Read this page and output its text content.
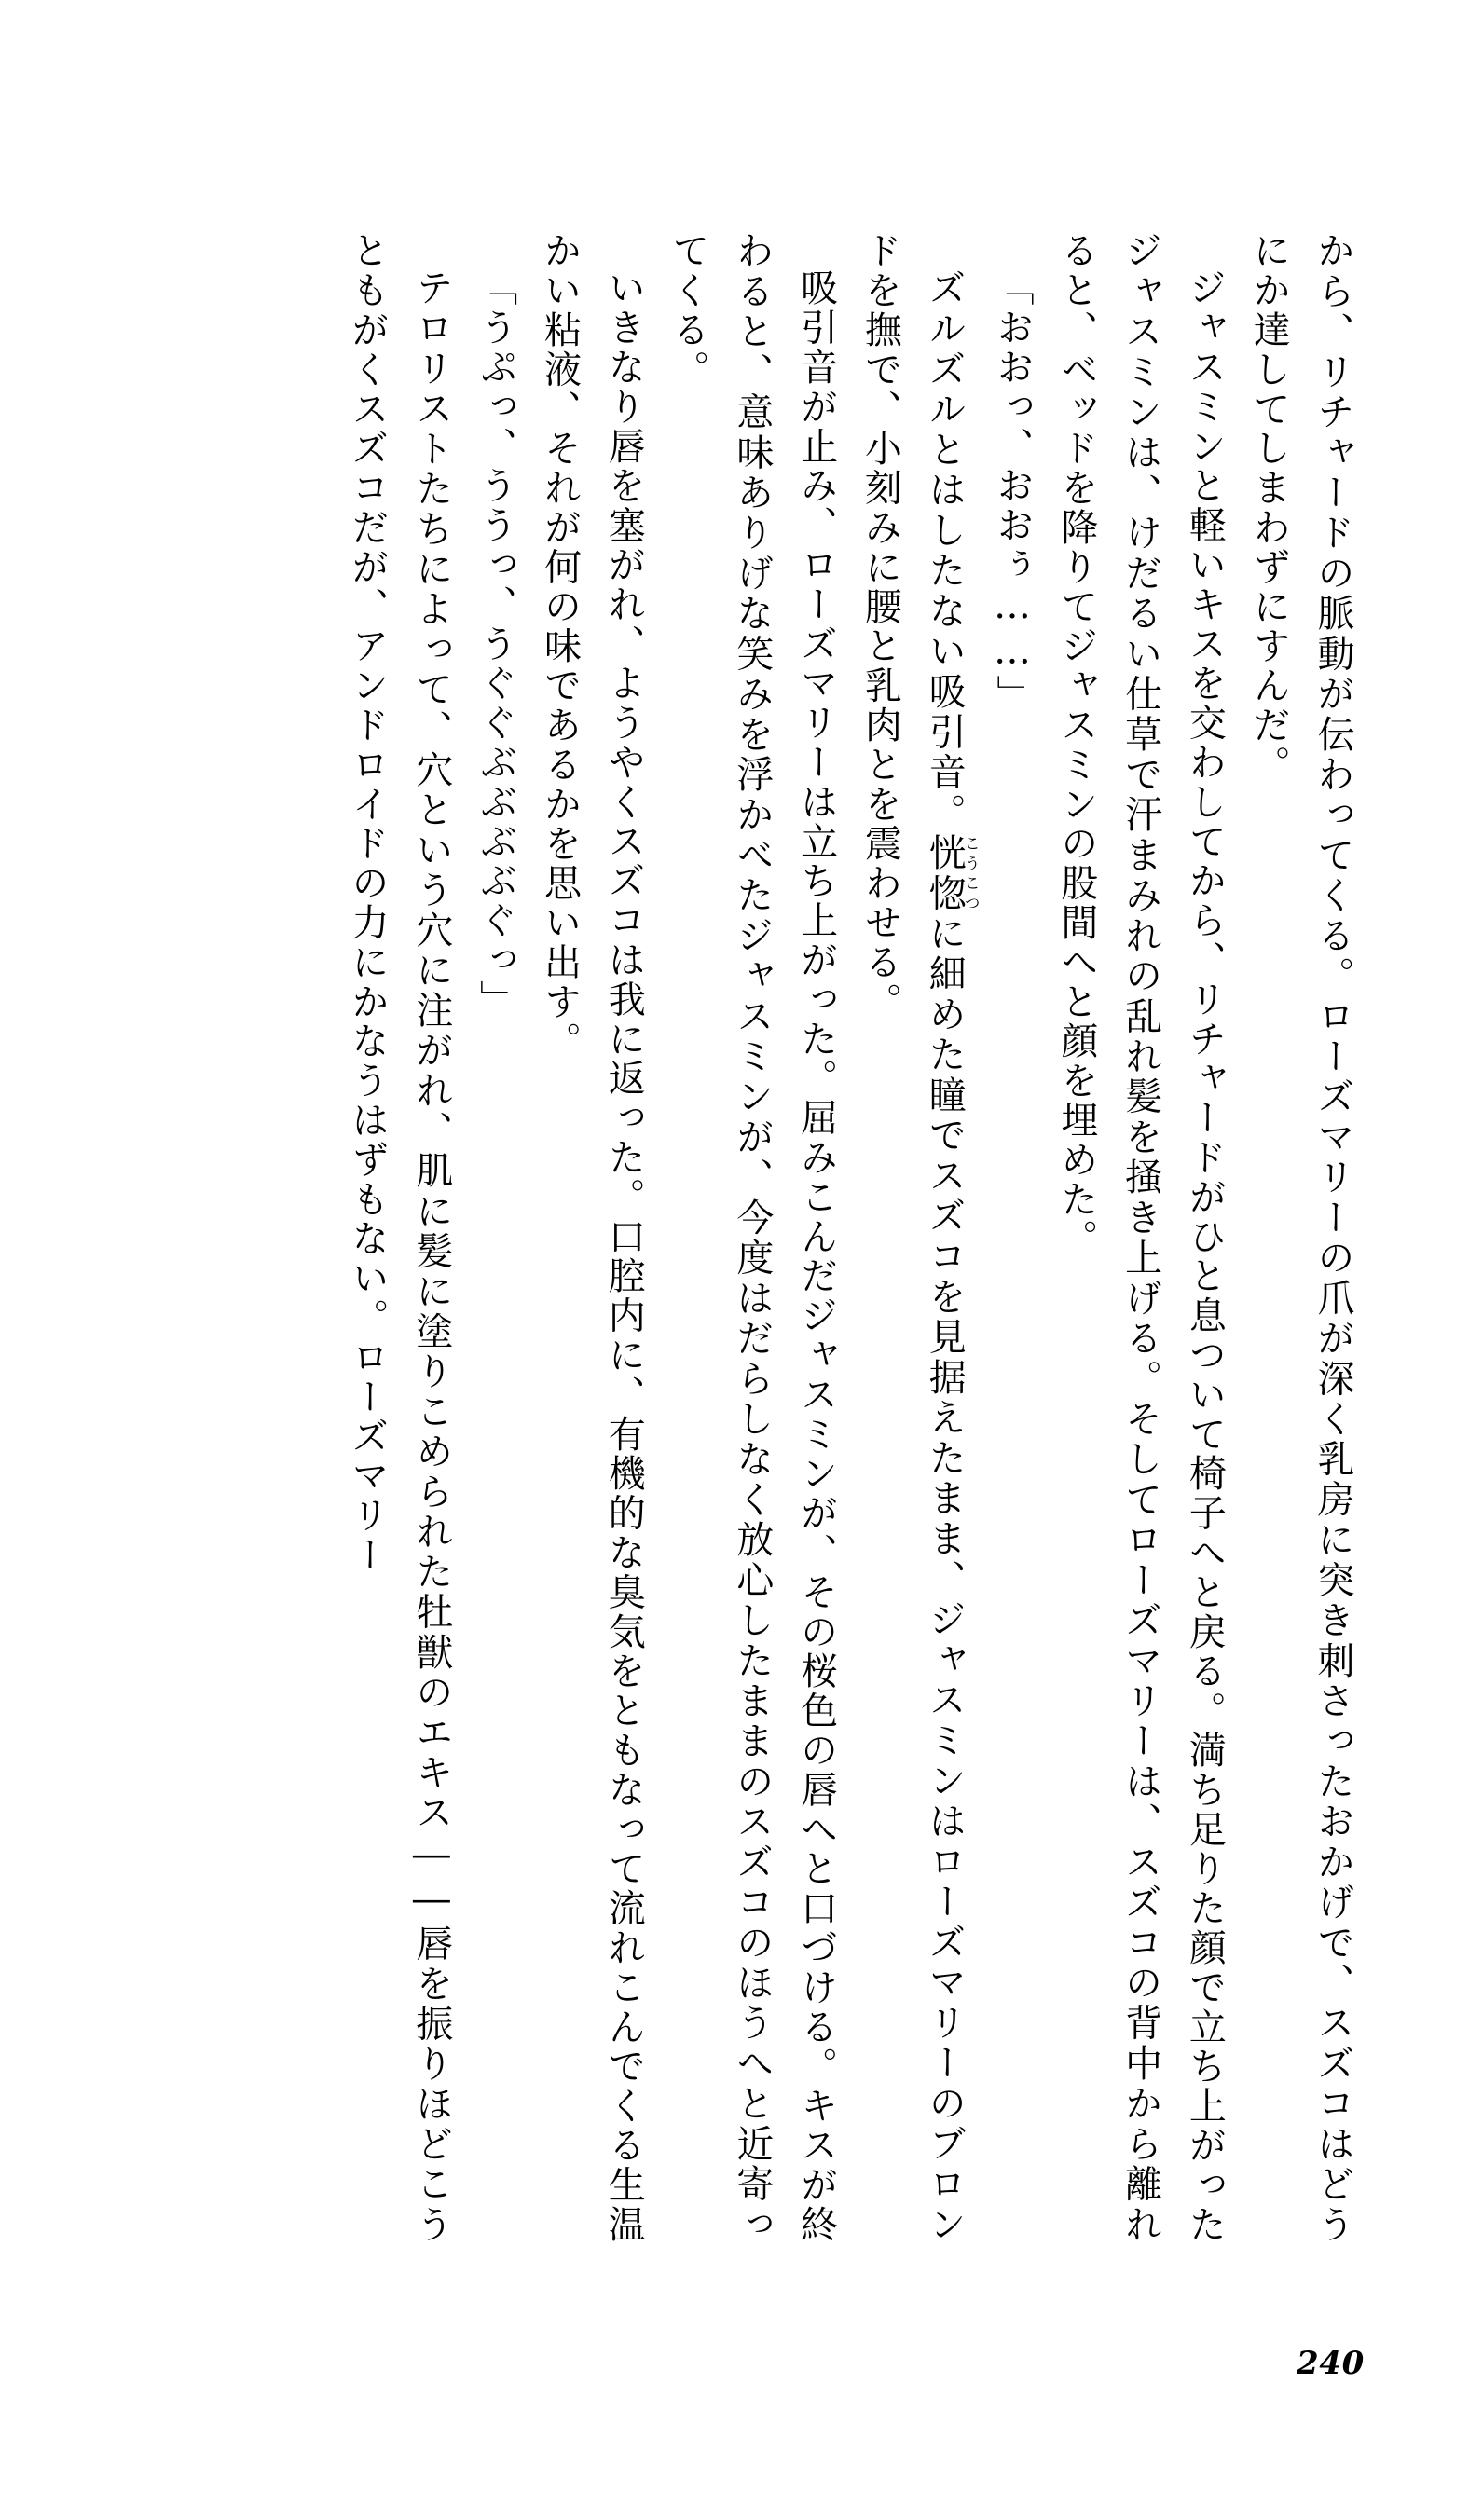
から、リチャードの脈動が伝わってくる。ローズマリーの爪が深く乳房に突き刺さったおかげで、スズコはどうにか達してしまわずにすんだ。

ジャスミンと軽いキスを交わしてから、リチャードがひと息ついて椅子へと戻る。満ち足りた顔で立ち上がったジャスミンは、けだるい仕草で汗まみれの乱れ髪を掻き上げる。そしてローズマリーは、スズコの背中から離れると、ベッドを降りてジャスミンの股間へと顔を埋めた。

「おおっ、おおぅ……」

ズルズルとはしたない吸引音。恍惚こうこつに細めた瞳でスズコを見据えたまま、ジャスミンはローズマリーのブロンドを撫で、小刻みに腰と乳肉とを震わせる。

吸引音が止み、ローズマリーは立ち上がった。屈みこんだジャスミンが、その桜色の唇へと口づける。キスが終わると、意味ありげな笑みを浮かべたジャスミンが、今度はだらしなく放心したままのスズコのほうへと近寄ってくる。

いきなり唇を塞がれ、ようやくスズコは我に返った。口腔内に、有機的な臭気をともなって流れこんでくる生温かい粘液、それが何の味であるかを思い出す。

「うぷっ、ううっ、うぐぐぶぶぶぶぐっ」

テロリストたちによって、穴という穴に注がれ、肌に髪に塗りこめられた牡獣のエキス――唇を振りほどこうともがくスズコだが、アンドロイドの力にかなうはずもない。ローズマリー

240
